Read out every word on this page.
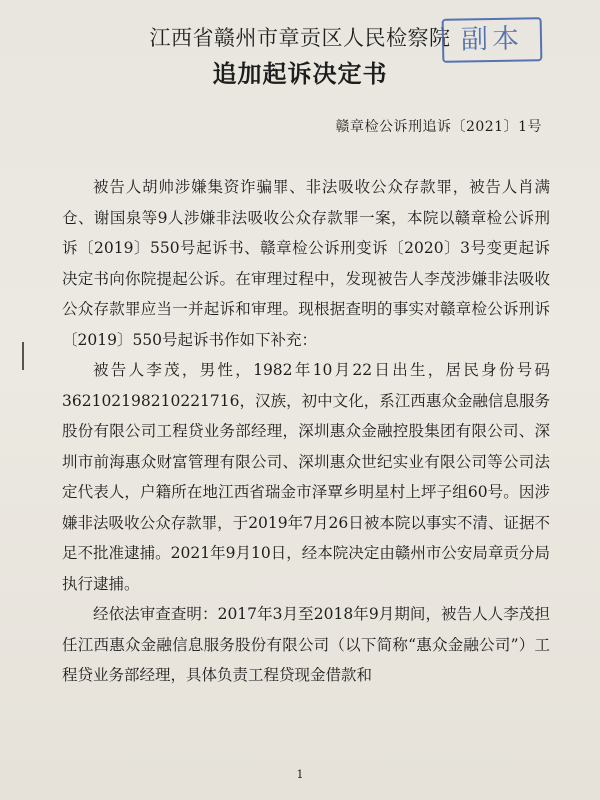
江西省赣州市章贡区人民检察院 副本
追加起诉决定书
赣章检公诉刑追诉〔2021〕1号

被告人胡帅涉嫌集资诈骗罪、非法吸收公众存款罪，被告人肖满仓、谢国泉等9人涉嫌非法吸收公众存款罪一案，本院以赣章检公诉刑诉〔2019〕550号起诉书、赣章检公诉刑变诉〔2020〕3号变更起诉决定书向你院提起公诉。在审理过程中，发现被告人李茂涉嫌非法吸收公众存款罪应当一并起诉和审理。现根据查明的事实对赣章检公诉刑诉〔2019〕550号起诉书作如下补充：

被告人李茂，男性，1982年10月22日出生，居民身份号码362102198210221716，汉族，初中文化，系江西惠众金融信息服务股份有限公司工程贷业务部经理，深圳惠众金融控股集团有限公司、深圳市前海惠众财富管理有限公司、深圳惠众世纪实业有限公司等公司法定代表人，户籍所在地江西省瑞金市泽覃乡明星村上坪子组60号。因涉嫌非法吸收公众存款罪，于2019年7月26日被本院以事实不清、证据不足不批准逮捕。2021年9月10日，经本院决定由赣州市公安局章贡分局执行逮捕。

经依法审查查明：2017年3月至2018年9月期间，被告人人李茂担任江西惠众金融信息服务股份有限公司（以下简称“惠众金融公司”）工程贷业务部经理，具体负责工程贷现金借款和

1
